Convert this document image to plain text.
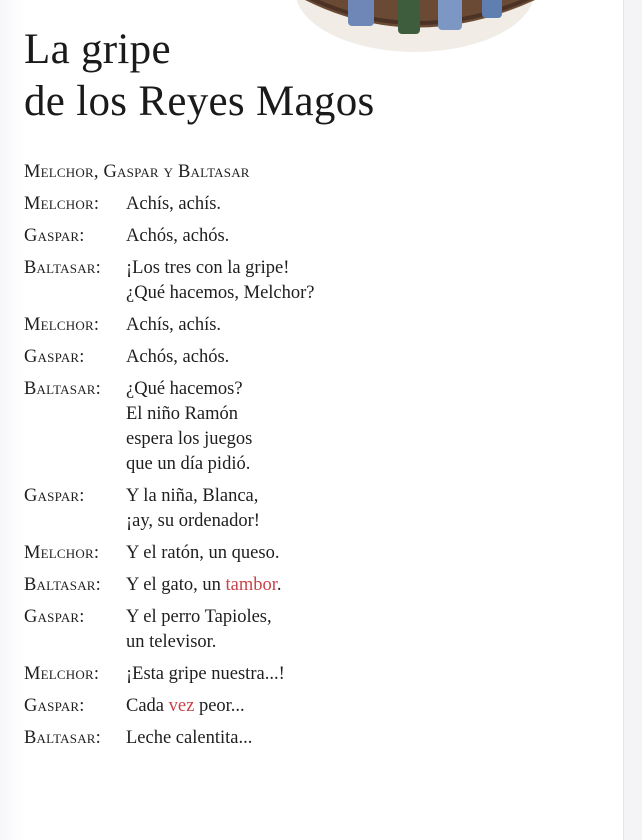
La gripe
de los Reyes Magos
Melchor, Gaspar y Baltasar
Melchor:	Achís, achís.
Gaspar:	Achós, achós.
Baltasar:	¡Los tres con la gripe!
¿Qué hacemos, Melchor?
Melchor:	Achís, achís.
Gaspar:	Achós, achós.
Baltasar:	¿Qué hacemos?
El niño Ramón
espera los juegos
que un día pidió.
Gaspar:	Y la niña, Blanca,
¡ay, su ordenador!
Melchor:	Y el ratón, un queso.
Baltasar:	Y el gato, un tambor.
Gaspar:	Y el perro Tapioles,
un televisor.
Melchor:	¡Esta gripe nuestra...!
Gaspar:	Cada vez peor...
Baltasar:	Leche calentita...
